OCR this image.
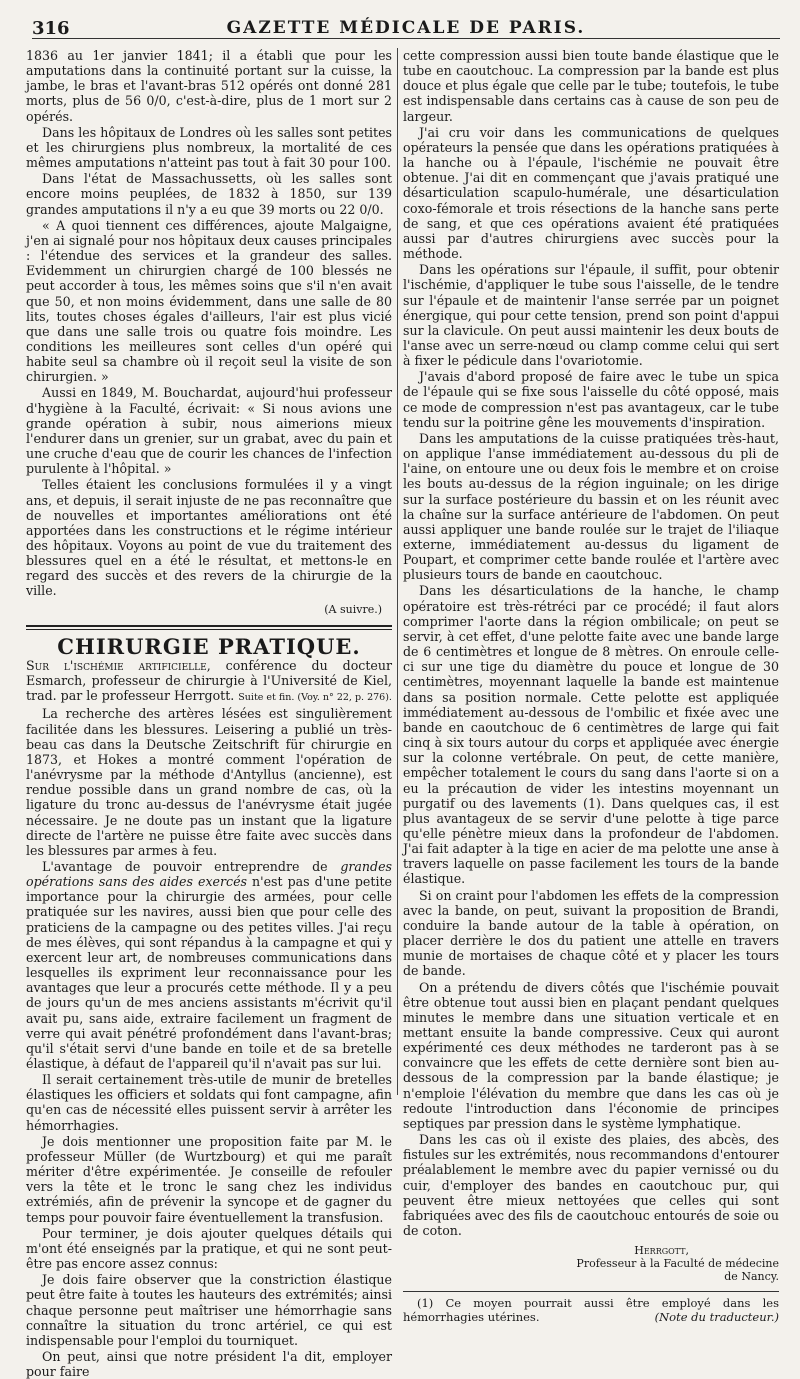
316	GAZETTE MÉDICALE DE PARIS.

1836 au 1er janvier 1841; il a établi que pour les amputations dans la continuité portant sur la cuisse, la jambe, le bras et l'avant-bras 512 opérés ont donné 281 morts, plus de 56 0/0, c'est-à-dire, plus de 1 mort sur 2 opérés.

Dans les hôpitaux de Londres où les salles sont petites et les chirurgiens plus nombreux, la mortalité de ces mêmes amputations n'atteint pas tout à fait 30 pour 100.

Dans l'état de Massachussetts, où les salles sont encore moins peuplées, de 1832 à 1850, sur 139 grandes amputations il n'y a eu que 39 morts ou 22 0/0.

« A quoi tiennent ces différences, ajoute Malgaigne, j'en ai signalé pour nos hôpitaux deux causes principales : l'étendue des services et la grandeur des salles. Evidemment un chirurgien chargé de 100 blessés ne peut accorder à tous, les mêmes soins que s'il n'en avait que 50, et non moins évidemment, dans une salle de 80 lits, toutes choses égales d'ailleurs, l'air est plus vicié que dans une salle trois ou quatre fois moindre. Les conditions les meilleures sont celles d'un opéré qui habite seul sa chambre où il reçoit seul la visite de son chirurgien. »

Aussi en 1849, M. Bouchardat, aujourd'hui professeur d'hygiène à la Faculté, écrivait: « Si nous avions une grande opération à subir, nous aimerions mieux l'endurer dans un grenier, sur un grabat, avec du pain et une cruche d'eau que de courir les chances de l'infection purulente à l'hôpital. »

Telles étaient les conclusions formulées il y a vingt ans, et depuis, il serait injuste de ne pas reconnaître que de nouvelles et importantes améliorations ont été apportées dans les constructions et le régime intérieur des hôpitaux. Voyons au point de vue du traitement des blessures quel en a été le résultat, et mettons-le en regard des succès et des revers de la chirurgie de la ville.

(A suivre.)
CHIRURGIE PRATIQUE.

Sur l'ischémie artificielle, conférence du docteur Esmarch, professeur de chirurgie à l'Université de Kiel, trad. par le professeur Herrgott. Suite et fin. (Voy. n° 22, p. 276).

La recherche des artères lésées est singulièrement facilitée dans les blessures. Leisering a publié un très-beau cas dans la Deutsche Zeitschrift für chirurgie en 1873, et Hokes a montré comment l'opération de l'anévrysme par la méthode d'Antyllus (ancienne), est rendue possible dans un grand nombre de cas, où la ligature du tronc au-dessus de l'anévrysme était jugée nécessaire. Je ne doute pas un instant que la ligature directe de l'artère ne puisse être faite avec succès dans les blessures par armes à feu.

L'avantage de pouvoir entreprendre de grandes opérations sans des aides exercés n'est pas d'une petite importance pour la chirurgie des armées, pour celle pratiquée sur les navires, aussi bien que pour celle des praticiens de la campagne ou des petites villes. J'ai reçu de mes élèves, qui sont répandus à la campagne et qui y exercent leur art, de nombreuses communications dans lesquelles ils expriment leur reconnaissance pour les avantages que leur a procurés cette méthode. Il y a peu de jours qu'un de mes anciens assistants m'écrivit qu'il avait pu, sans aide, extraire facilement un fragment de verre qui avait pénétré profondément dans l'avant-bras; qu'il s'était servi d'une bande en toile et de sa bretelle élastique, à défaut de l'appareil qu'il n'avait pas sur lui.

Il serait certainement très-utile de munir de bretelles élastiques les officiers et soldats qui font campagne, afin qu'en cas de nécessité elles puissent servir à arrêter les hémorrhagies.

Je dois mentionner une proposition faite par M. le professeur Müller (de Wurtzbourg) et qui me paraît mériter d'être expérimentée. Je conseille de refouler vers la tête et le tronc le sang chez les individus extrémiés, afin de prévenir la syncope et de gagner du temps pour pouvoir faire éventuellement la transfusion.

Pour terminer, je dois ajouter quelques détails qui m'ont été enseignés par la pratique, et qui ne sont peut-être pas encore assez connus:

Je dois faire observer que la constriction élastique peut être faite à toutes les hauteurs des extrémités; ainsi chaque personne peut maîtriser une hémorrhagie sans connaître la situation du tronc artériel, ce qui est indispensable pour l'emploi du tourniquet.

On peut, ainsi que notre président l'a dit, employer pour faire

cette compression aussi bien toute bande élastique que le tube en caoutchouc. La compression par la bande est plus douce et plus égale que celle par le tube; toutefois, le tube est indispensable dans certains cas à cause de son peu de largeur.

J'ai cru voir dans les communications de quelques opérateurs la pensée que dans les opérations pratiquées à la hanche ou à l'épaule, l'ischémie ne pouvait être obtenue. J'ai dit en commençant que j'avais pratiqué une désarticulation scapulo-humérale, une désarticulation coxo-fémorale et trois résections de la hanche sans perte de sang, et que ces opérations avaient été pratiquées aussi par d'autres chirurgiens avec succès pour la méthode.

Dans les opérations sur l'épaule, il suffit, pour obtenir l'ischémie, d'appliquer le tube sous l'aisselle, de le tendre sur l'épaule et de maintenir l'anse serrée par un poignet énergique, qui pour cette tension, prend son point d'appui sur la clavicule. On peut aussi maintenir les deux bouts de l'anse avec un serre-nœud ou clamp comme celui qui sert à fixer le pédicule dans l'ovariotomie.

J'avais d'abord proposé de faire avec le tube un spica de l'épaule qui se fixe sous l'aisselle du côté opposé, mais ce mode de compression n'est pas avantageux, car le tube tendu sur la poitrine gêne les mouvements d'inspiration.

Dans les amputations de la cuisse pratiquées très-haut, on applique l'anse immédiatement au-dessous du pli de l'aine, on entoure une ou deux fois le membre et on croise les bouts au-dessus de la région inguinale; on les dirige sur la surface postérieure du bassin et on les réunit avec la chaîne sur la surface antérieure de l'abdomen. On peut aussi appliquer une bande roulée sur le trajet de l'iliaque externe, immédiatement au-dessus du ligament de Poupart, et comprimer cette bande roulée et l'artère avec plusieurs tours de bande en caoutchouc.

Dans les désarticulations de la hanche, le champ opératoire est très-rétréci par ce procédé; il faut alors comprimer l'aorte dans la région ombilicale; on peut se servir, à cet effet, d'une pelotte faite avec une bande large de 6 centimètres et longue de 8 mètres. On enroule celle-ci sur une tige du diamètre du pouce et longue de 30 centimètres, moyennant laquelle la bande est maintenue dans sa position normale. Cette pelotte est appliquée immédiatement au-dessous de l'ombilic et fixée avec une bande en caoutchouc de 6 centimètres de large qui fait cinq à six tours autour du corps et appliquée avec énergie sur la colonne vertébrale. On peut, de cette manière, empêcher totalement le cours du sang dans l'aorte si on a eu la précaution de vider les intestins moyennant un purgatif ou des lavements (1). Dans quelques cas, il est plus avantageux de se servir d'une pelotte à tige parce qu'elle pénètre mieux dans la profondeur de l'abdomen. J'ai fait adapter à la tige en acier de ma pelotte une anse à travers laquelle on passe facilement les tours de la bande élastique.

Si on craint pour l'abdomen les effets de la compression avec la bande, on peut, suivant la proposition de Brandi, conduire la bande autour de la table à opération, on placer derrière le dos du patient une attelle en travers munie de mortaises de chaque côté et y placer les tours de bande.

On a prétendu de divers côtés que l'ischémie pouvait être obtenue tout aussi bien en plaçant pendant quelques minutes le membre dans une situation verticale et en mettant ensuite la bande compressive. Ceux qui auront expérimenté ces deux méthodes ne tarderont pas à se convaincre que les effets de cette dernière sont bien au-dessous de la compression par la bande élastique; je n'emploie l'élévation du membre que dans les cas où je redoute l'introduction dans l'économie de principes septiques par pression dans le système lymphatique.

Dans les cas où il existe des plaies, des abcès, des fistules sur les extrémités, nous recommandons d'entourer préalablement le membre avec du papier vernissé ou du cuir, d'employer des bandes en caoutchouc pur, qui peuvent être mieux nettoyées que celles qui sont fabriquées avec des fils de caoutchouc entourés de soie ou de coton.

Herrgott,
Professeur à la Faculté de médecine
de Nancy.

(1) Ce moyen pourrait aussi être employé dans les hémorrhagies utérines.	(Note du traducteur.)
